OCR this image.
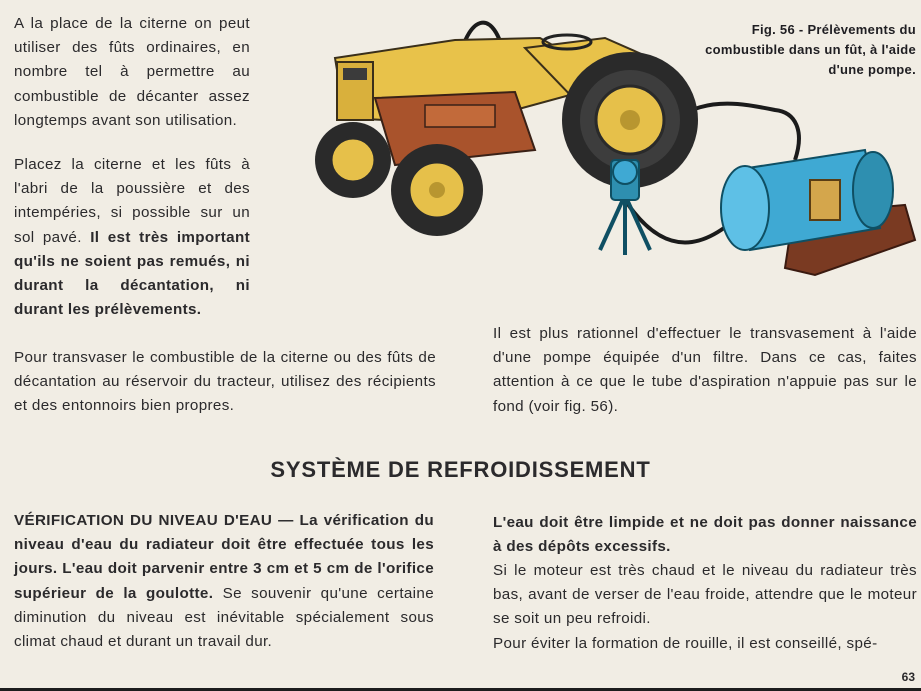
A la place de la citerne on peut utiliser des fûts ordinaires, en nombre tel à permettre au combustible de décanter assez longtemps avant son utilisation.

Placez la citerne et les fûts à l'abri de la poussière et des intempéries, si possible sur un sol pavé. Il est très important qu'ils ne soient pas remués, ni durant la décantation, ni durant les prélèvements.

Fig. 56 - Prélèvements du combustible dans un fût, à l'aide d'une pompe.

Pour transvaser le combustible de la citerne ou des fûts de décantation au réservoir du tracteur, utilisez des récipients et des entonnoirs bien propres.

Il est plus rationnel d'effectuer le transvasement à l'aide d'une pompe équipée d'un filtre. Dans ce cas, faites attention à ce que le tube d'aspiration n'appuie pas sur le fond (voir fig. 56).

SYSTÈME DE REFROIDISSEMENT

VÉRIFICATION DU NIVEAU D'EAU — La vérification du niveau d'eau du radiateur doit être effectuée tous les jours. L'eau doit parvenir entre 3 cm et 5 cm de l'orifice supérieur de la goulotte. Se souvenir qu'une certaine diminution du niveau est inévitable spécialement sous climat chaud et durant un travail dur.

L'eau doit être limpide et ne doit pas donner naissance à des dépôts excessifs.

Si le moteur est très chaud et le niveau du radiateur très bas, avant de verser de l'eau froide, attendre que le moteur se soit un peu refroidi.

Pour éviter la formation de rouille, il est conseillé, spé-

63
